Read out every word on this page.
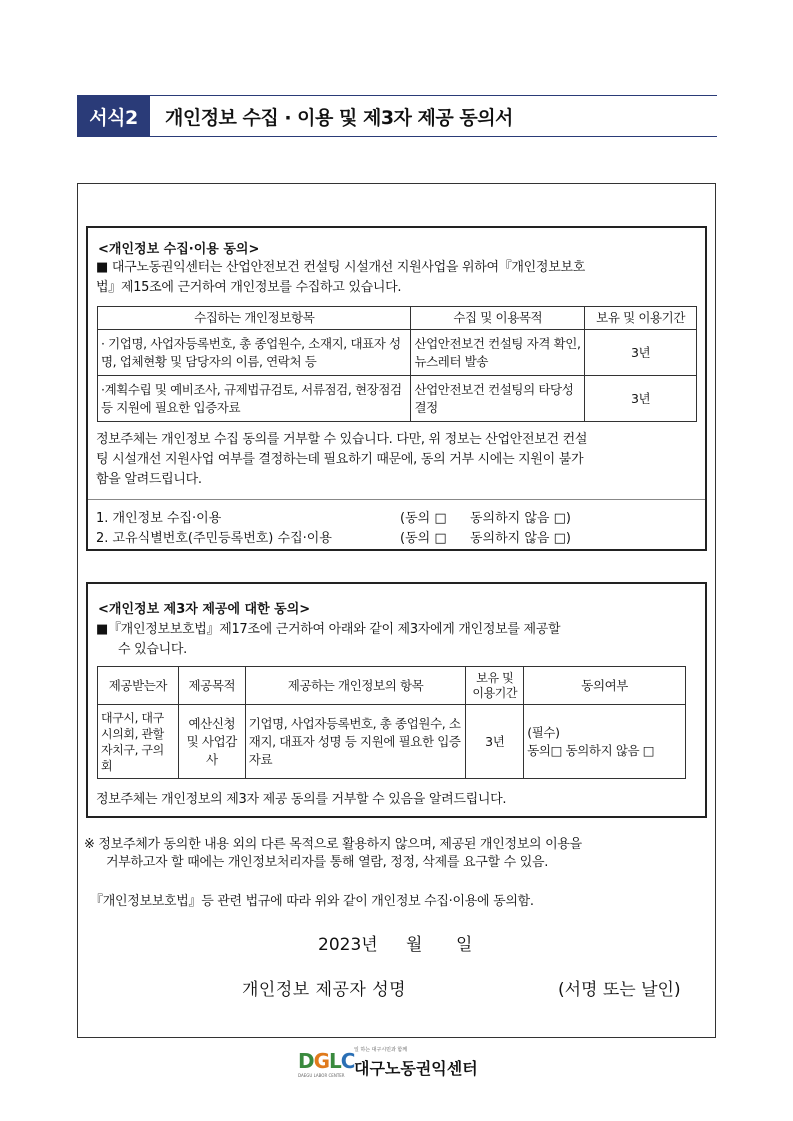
서식2	개인정보 수집 · 이용 및 제3자 제공 동의서
<개인정보 수집·이용 동의>
■ 대구노동권익센터는 산업안전보건 컨설팅 시설개선 지원사업을 위하여『개인정보보호
법』제15조에 근거하여 개인정보를 수집하고 있습니다.
수집하는 개인정보항목	수집 및 이용목적	보유 및 이용기간
· 기업명, 사업자등록번호, 총 종업원수, 소재지, 대표자 성명, 업체현황 및 담당자의 이름, 연락처 등	산업안전보건 컨설팅 자격 확인, 뉴스레터 발송	3년
·계획수립 및 예비조사, 규제법규검토, 서류점검, 현장점검 등 지원에 필요한 입증자료	산업안전보건 컨설팅의 타당성 결정	3년
정보주체는 개인정보 수집 동의를 거부할 수 있습니다. 다만, 위 정보는 산업안전보건 컨설
팅 시설개선 지원사업 여부를 결정하는데 필요하기 때문에, 동의 거부 시에는 지원이 불가
함을 알려드립니다.
1. 개인정보 수집·이용	(동의 □ 동의하지 않음 □)
2. 고유식별번호(주민등록번호) 수집·이용	(동의 □ 동의하지 않음 □)
<개인정보 제3자 제공에 대한 동의>
■『개인정보보호법』제17조에 근거하여 아래와 같이 제3자에게 개인정보를 제공할
수 있습니다.
제공받는자	제공목적	제공하는 개인정보의 항목	보유 및 이용기간	동의여부
대구시, 대구시의회, 관할자치구, 구의회	예산신청 및 사업감사	기업명, 사업자등록번호, 총 종업원수, 소재지, 대표자 성명 등 지원에 필요한 입증자료	3년	(필수)
동의□ 동의하지 않음 □
정보주체는 개인정보의 제3자 제공 동의를 거부할 수 있음을 알려드립니다.
※ 정보주체가 동의한 내용 외의 다른 목적으로 활용하지 않으며, 제공된 개인정보의 이용을
거부하고자 할 때에는 개인정보처리자를 통해 열람, 정정, 삭제를 요구할 수 있음.
『개인정보보호법』등 관련 법규에 따라 위와 같이 개인정보 수집·이용에 동의함.
2023년 월 일
개인정보 제공자 성명	(서명 또는 날인)
DGLC
DAEGU LABOR CENTER
일 하는 대구시민과 함께
대구노동권익센터
